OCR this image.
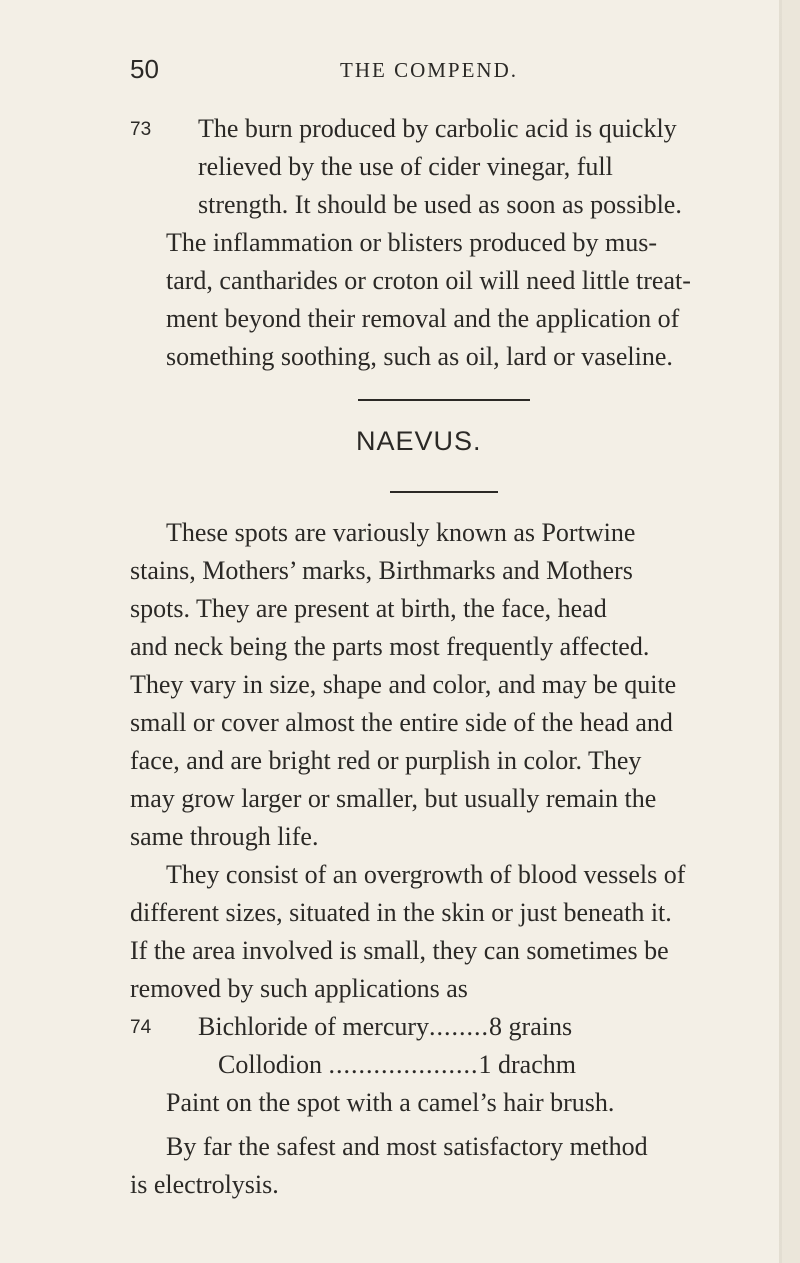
50	THE COMPEND.
73 The burn produced by carbolic acid is quickly
relieved by the use of cider vinegar, full
strength. It should be used as soon as possible.
The inflammation or blisters produced by mus-
tard, cantharides or croton oil will need little treat-
ment beyond their removal and the application of
something soothing, such as oil, lard or vaseline.
NAEVUS.
These spots are variously known as Portwine
stains, Mothers’ marks, Birthmarks and Mothers
spots. They are present at birth, the face, head
and neck being the parts most frequently affected.
They vary in size, shape and color, and may be quite
small or cover almost the entire side of the head and
face, and are bright red or purplish in color. They
may grow larger or smaller, but usually remain the
same through life.
They consist of an overgrowth of blood vessels of
different sizes, situated in the skin or just beneath it.
If the area involved is small, they can sometimes be
removed by such applications as
74 Bichloride of mercury........8 grains
Collodion ....................1 drachm
Paint on the spot with a camel’s hair brush.
By far the safest and most satisfactory method
is electrolysis.
